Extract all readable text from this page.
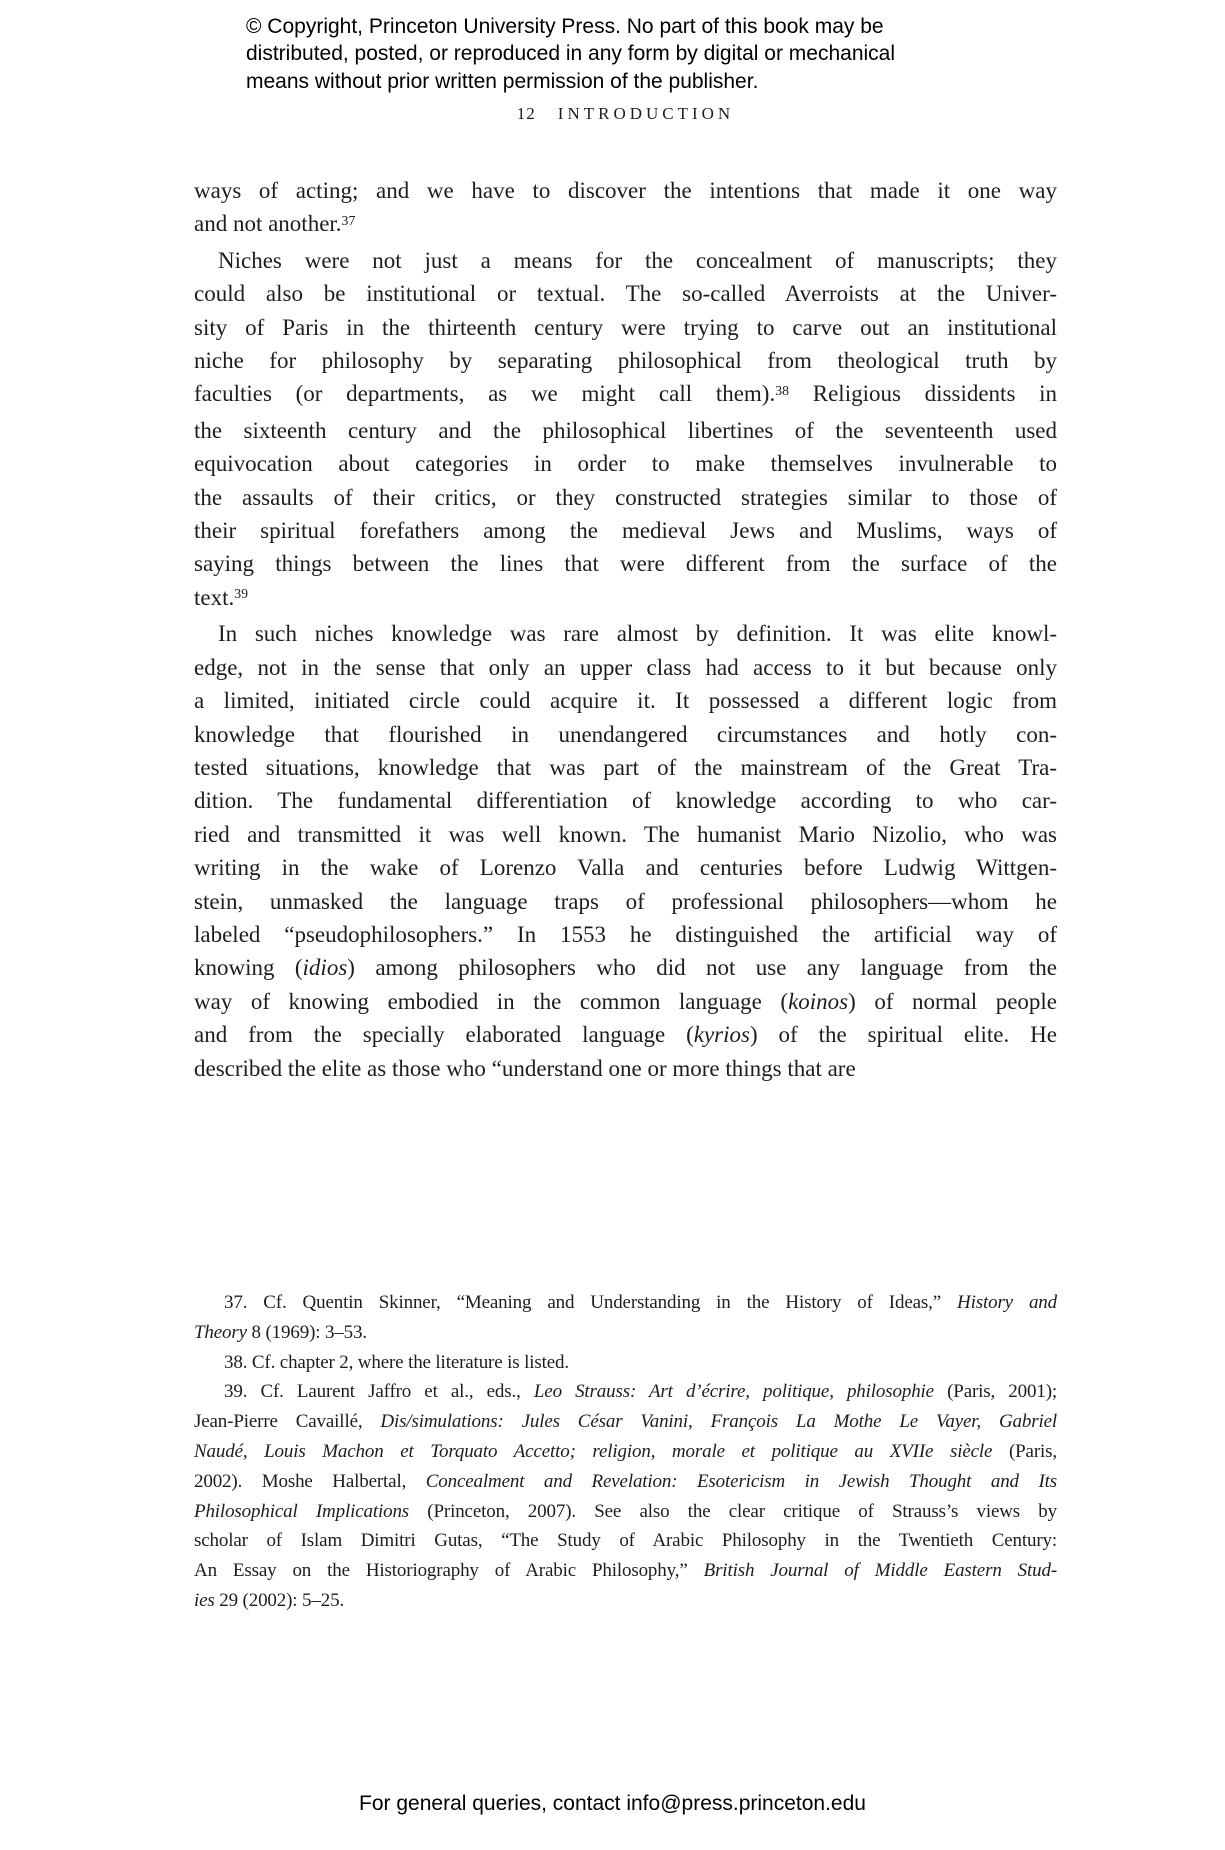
© Copyright, Princeton University Press. No part of this book may be
distributed, posted, or reproduced in any form by digital or mechanical
means without prior written permission of the publisher.
12 INTRODUCTION
ways of acting; and we have to discover the intentions that made it one way
and not another.$^{37}$
Niches were not just a means for the concealment of manuscripts; they
could also be institutional or textual. The so-called Averroists at the Univer-
sity of Paris in the thirteenth century were trying to carve out an institutional
niche for philosophy by separating philosophical from theological truth by
faculties (or departments, as we might call them).$^{38}$ Religious dissidents in
the sixteenth century and the philosophical libertines of the seventeenth used
equivocation about categories in order to make themselves invulnerable to
the assaults of their critics, or they constructed strategies similar to those of
their spiritual forefathers among the medieval Jews and Muslims, ways of
saying things between the lines that were different from the surface of the
text.$^{39}$
In such niches knowledge was rare almost by definition. It was elite knowl-
edge, not in the sense that only an upper class had access to it but because only
a limited, initiated circle could acquire it. It possessed a different logic from
knowledge that flourished in unendangered circumstances and hotly con-
tested situations, knowledge that was part of the mainstream of the Great Tra-
dition. The fundamental differentiation of knowledge according to who car-
ried and transmitted it was well known. The humanist Mario Nizolio, who was
writing in the wake of Lorenzo Valla and centuries before Ludwig Wittgen-
stein, unmasked the language traps of professional philosophers—whom he
labeled “pseudophilosophers.” In 1553 he distinguished the artificial way of
knowing (idios) among philosophers who did not use any language from the
way of knowing embodied in the common language (koinos) of normal people
and from the specially elaborated language (kyrios) of the spiritual elite. He
described the elite as those who “understand one or more things that are
37. Cf. Quentin Skinner, “Meaning and Understanding in the History of Ideas,” History and
Theory 8 (1969): 3–53.
38. Cf. chapter 2, where the literature is listed.
39. Cf. Laurent Jaffro et al., eds., Leo Strauss: Art d’écrire, politique, philosophie (Paris, 2001);
Jean-Pierre Cavaillé, Dis/simulations: Jules César Vanini, François La Mothe Le Vayer, Gabriel
Naudé, Louis Machon et Torquato Accetto; religion, morale et politique au XVIIe siècle (Paris,
2002). Moshe Halbertal, Concealment and Revelation: Esotericism in Jewish Thought and Its
Philosophical Implications (Princeton, 2007). See also the clear critique of Strauss’s views by
scholar of Islam Dimitri Gutas, “The Study of Arabic Philosophy in the Twentieth Century:
An Essay on the Historiography of Arabic Philosophy,” British Journal of Middle Eastern Stud-
ies 29 (2002): 5–25.
For general queries, contact info@press.princeton.edu
